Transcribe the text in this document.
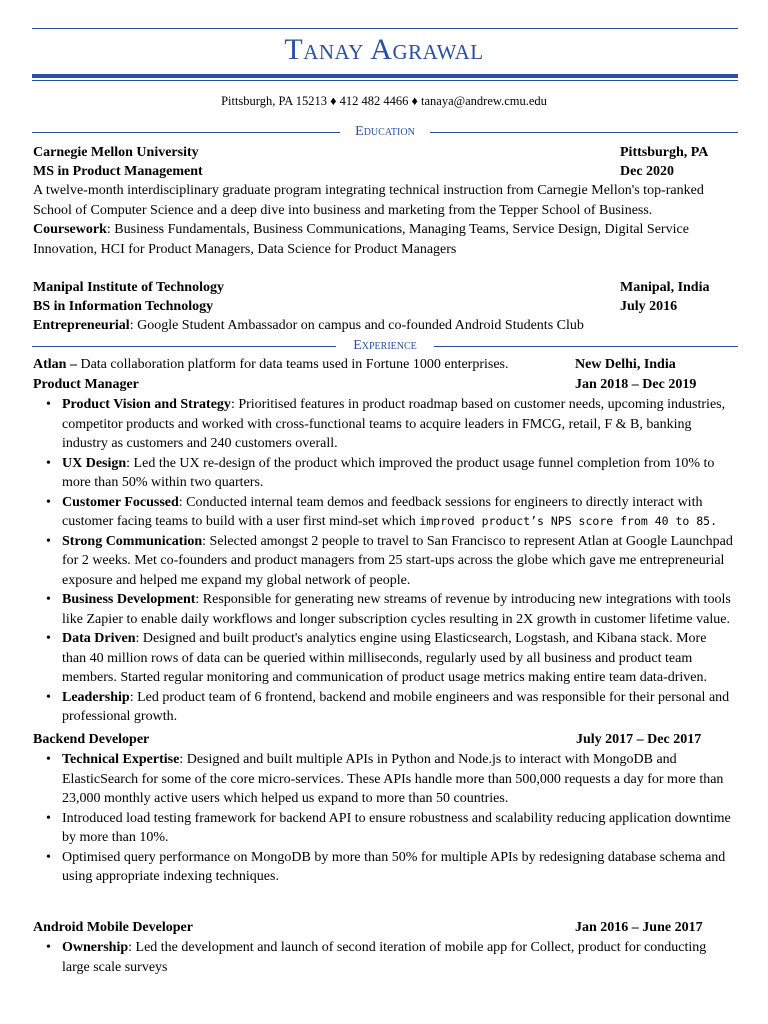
Tanay Agrawal
Pittsburgh, PA 15213 ♦ 412 482 4466 ♦ tanaya@andrew.cmu.edu
Education
Carnegie Mellon University	Pittsburgh, PA
MS in Product Management	Dec 2020
A twelve-month interdisciplinary graduate program integrating technical instruction from Carnegie Mellon's top-ranked School of Computer Science and a deep dive into business and marketing from the Tepper School of Business.
Coursework: Business Fundamentals, Business Communications, Managing Teams, Service Design, Digital Service Innovation, HCI for Product Managers, Data Science for Product Managers
Manipal Institute of Technology	Manipal, India
BS in Information Technology	July 2016
Entrepreneurial: Google Student Ambassador on campus and co-founded Android Students Club
Experience
Atlan – Data collaboration platform for data teams used in Fortune 1000 enterprises.	New Delhi, India
Product Manager	Jan 2018 – Dec 2019
• Product Vision and Strategy: Prioritised features in product roadmap based on customer needs, upcoming industries, competitor products and worked with cross-functional teams to acquire leaders in FMCG, retail, F & B, banking industry as customers and 240 customers overall.
• UX Design: Led the UX re-design of the product which improved the product usage funnel completion from 10% to more than 50% within two quarters.
• Customer Focussed: Conducted internal team demos and feedback sessions for engineers to directly interact with customer facing teams to build with a user first mind-set which improved product’s NPS score from 40 to 85.
• Strong Communication: Selected amongst 2 people to travel to San Francisco to represent Atlan at Google Launchpad for 2 weeks. Met co-founders and product managers from 25 start-ups across the globe which gave me entrepreneurial exposure and helped me expand my global network of people.
• Business Development: Responsible for generating new streams of revenue by introducing new integrations with tools like Zapier to enable daily workflows and longer subscription cycles resulting in 2X growth in customer lifetime value.
• Data Driven: Designed and built product's analytics engine using Elasticsearch, Logstash, and Kibana stack. More than 40 million rows of data can be queried within milliseconds, regularly used by all business and product team members. Started regular monitoring and communication of product usage metrics making entire team data-driven.
• Leadership: Led product team of 6 frontend, backend and mobile engineers and was responsible for their personal and professional growth.
Backend Developer	July 2017 – Dec 2017
• Technical Expertise: Designed and built multiple APIs in Python and Node.js to interact with MongoDB and ElasticSearch for some of the core micro-services. These APIs handle more than 500,000 requests a day for more than 23,000 monthly active users which helped us expand to more than 50 countries.
• Introduced load testing framework for backend API to ensure robustness and scalability reducing application downtime by more than 10%.
• Optimised query performance on MongoDB by more than 50% for multiple APIs by redesigning database schema and using appropriate indexing techniques.
Android Mobile Developer	Jan 2016 – June 2017
• Ownership: Led the development and launch of second iteration of mobile app for Collect, product for conducting large scale surveys
